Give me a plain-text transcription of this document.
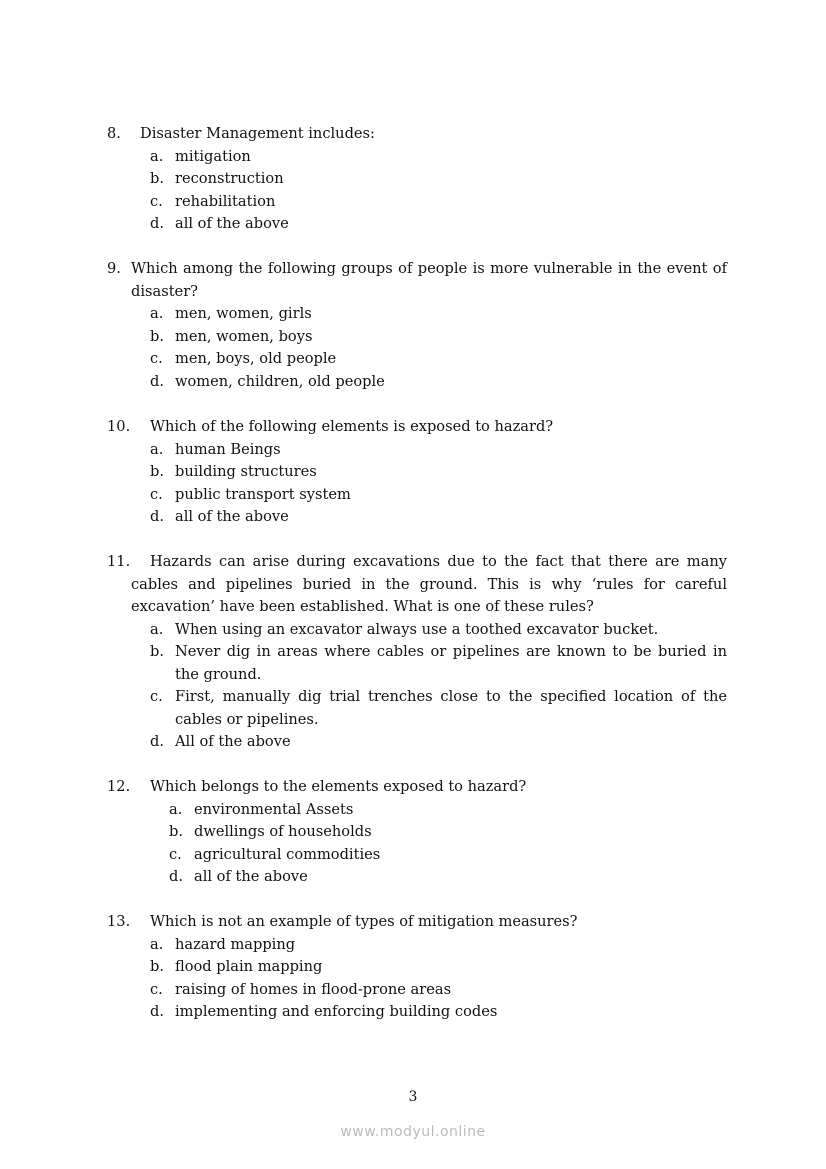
8.	Disaster Management includes:
a. mitigation
b. reconstruction
c. rehabilitation
d. all of the above
9. Which among the following groups of people is more vulnerable in the event of disaster?
a. men, women, girls
b. men, women, boys
c. men, boys, old people
d. women, children, old people
10.	Which of the following elements is exposed to hazard?
a. human Beings
b. building structures
c. public transport system
d. all of the above
11.	Hazards can arise during excavations due to the fact that there are many cables and pipelines buried in the ground. This is why ‘rules for careful excavation’ have been established. What is one of these rules?
a. When using an excavator always use a toothed excavator bucket.
b. Never dig in areas where cables or pipelines are known to be buried in the ground.
c. First, manually dig trial trenches close to the specified location of the cables or pipelines.
d. All of the above
12.	Which belongs to the elements exposed to hazard?
a. environmental Assets
b. dwellings of households
c. agricultural commodities
d. all of the above
13.	Which is not an example of types of mitigation measures?
a. hazard mapping
b. flood plain mapping
c. raising of homes in flood-prone areas
d. implementing and enforcing building codes
3
www.modyul.online
